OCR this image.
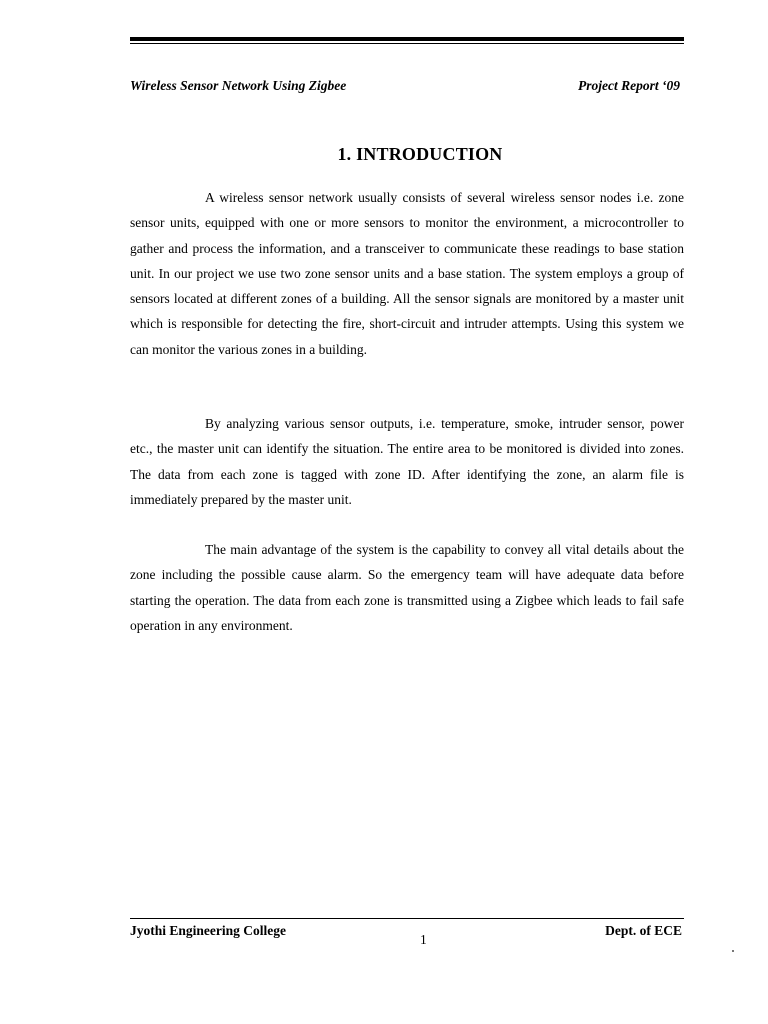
Wireless Sensor Network Using Zigbee	Project Report ‘09
1. INTRODUCTION

A wireless sensor network usually consists of several wireless sensor nodes i.e. zone sensor units, equipped with one or more sensors to monitor the environment, a microcontroller to gather and process the information, and a transceiver to communicate these readings to base station unit. In our project we use two zone sensor units and a base station. The system employs a group of sensors located at different zones of a building. All the sensor signals are monitored by a master unit which is responsible for detecting the fire, short-circuit and intruder attempts. Using this system we can monitor the various zones in a building.

By analyzing various sensor outputs, i.e. temperature, smoke, intruder sensor, power etc., the master unit can identify the situation. The entire area to be monitored is divided into zones. The data from each zone is tagged with zone ID. After identifying the zone, an alarm file is immediately prepared by the master unit.

The main advantage of the system is the capability to convey all vital details about the zone including the possible cause alarm. So the emergency team will have adequate data before starting the operation. The data from each zone is transmitted using a Zigbee which leads to fail safe operation in any environment.

Jyothi Engineering College
1
Dept. of ECE
